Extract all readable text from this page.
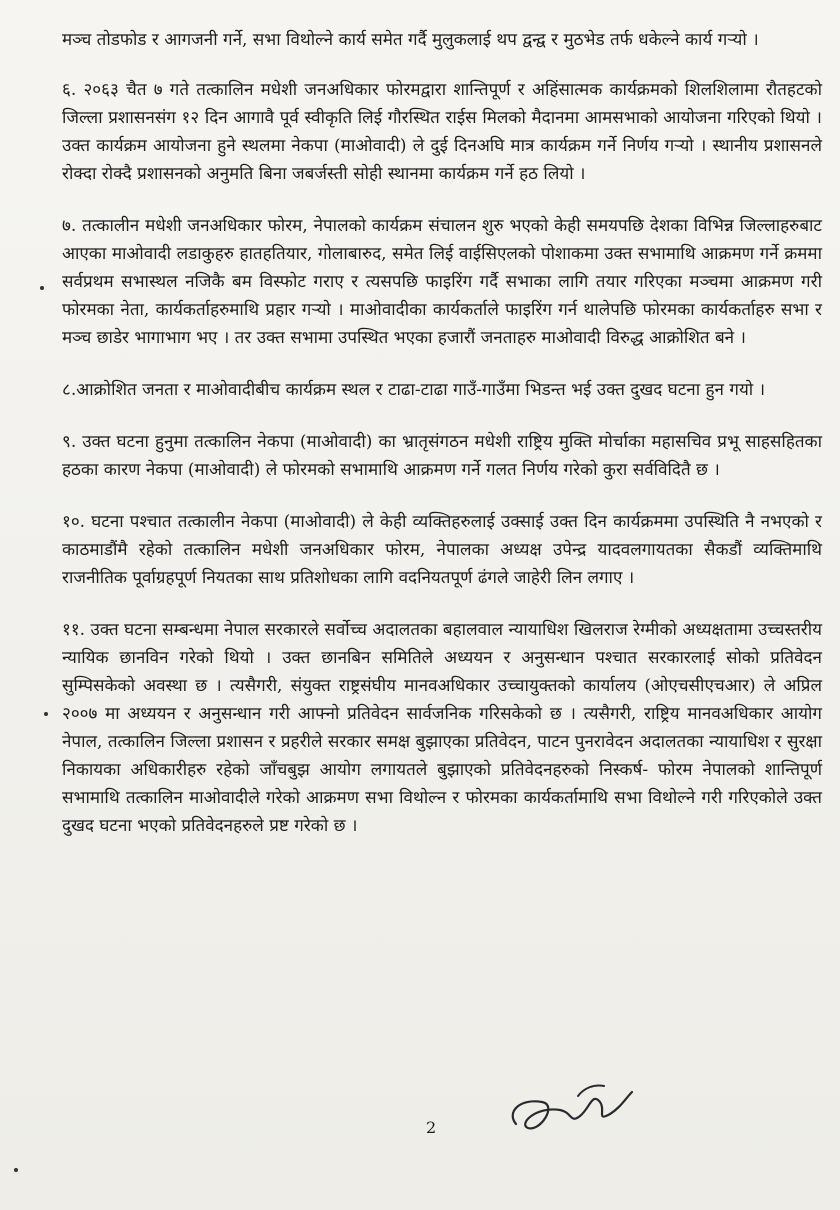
मञ्च तोडफोड र आगजनी गर्ने, सभा विथोल्ने कार्य समेत गर्दै मुलुकलाई थप द्वन्द्व र मुठभेड तर्फ धकेल्ने कार्य गर्‍यो ।

६. २०६३ चैत ७ गते तत्कालिन मधेशी जनअधिकार फोरमद्वारा शान्तिपूर्ण र अहिंसात्मक कार्यक्रमको शिलशिलामा रौतहटको जिल्ला प्रशासनसंग १२ दिन आगावै पूर्व स्वीकृति लिई गौरस्थित राईस मिलको मैदानमा आमसभाको आयोजना गरिएको थियो । उक्त कार्यक्रम आयोजना हुने स्थलमा नेकपा (माओवादी) ले दुई दिनअघि मात्र कार्यक्रम गर्ने निर्णय गर्‍यो । स्थानीय प्रशासनले रोक्दा रोक्दै प्रशासनको अनुमति बिना जबर्जस्ती सोही स्थानमा कार्यक्रम गर्ने हठ लियो ।

७. तत्कालीन मधेशी जनअधिकार फोरम, नेपालको कार्यक्रम संचालन शुरु भएको केही समयपछि देशका विभिन्न जिल्लाहरुबाट आएका माओवादी लडाकुहरु हातहतियार, गोलाबारुद, समेत लिई वाईसिएलको पोशाकमा उक्त सभामाथि आक्रमण गर्ने क्रममा सर्वप्रथम सभास्थल नजिकै बम विस्फोट गराए र त्यसपछि फाइरिंग गर्दै सभाका लागि तयार गरिएका मञ्चमा आक्रमण गरी फोरमका नेता, कार्यकर्ताहरुमाथि प्रहार गर्‍यो । माओवादीका कार्यकर्ताले फाइरिंग गर्न थालेपछि फोरमका कार्यकर्ताहरु सभा र मञ्च छाडेर भागाभाग भए । तर उक्त सभामा उपस्थित भएका हजारौं जनताहरु माओवादी विरुद्ध आक्रोशित बने ।

८.आक्रोशित जनता र माओवादीबीच कार्यक्रम स्थल र टाढा-टाढा गाउँ-गाउँमा भिडन्त भई उक्त दुखद घटना हुन गयो ।

९. उक्त घटना हुनुमा तत्कालिन नेकपा (माओवादी) का भ्रातृसंगठन मधेशी राष्ट्रिय मुक्ति मोर्चाका महासचिव प्रभू साहसहितका हठका कारण नेकपा (माओवादी) ले फोरमको सभामाथि आक्रमण गर्ने गलत निर्णय गरेको कुरा सर्वविदितै छ ।

१०. घटना पश्चात तत्कालीन नेकपा (माओवादी) ले केही व्यक्तिहरुलाई उक्साई उक्त दिन कार्यक्रममा उपस्थिति नै नभएको र काठमाडौंमै रहेको तत्कालिन मधेशी जनअधिकार फोरम, नेपालका अध्यक्ष उपेन्द्र यादवलगायतका सैकडौं व्यक्तिमाथि राजनीतिक पूर्वाग्रहपूर्ण नियतका साथ प्रतिशोधका लागि वदनियतपूर्ण ढंगले जाहेरी लिन लगाए ।

११. उक्त घटना सम्बन्धमा नेपाल सरकारले सर्वोच्च अदालतका बहालवाल न्यायाधिश खिलराज रेग्मीको अध्यक्षतामा उच्चस्तरीय न्यायिक छानविन गरेको थियो । उक्त छानबिन समितिले अध्ययन र अनुसन्धान पश्चात सरकारलाई सोको प्रतिवेदन सुम्पिसकेको अवस्था छ । त्यसैगरी, संयुक्त राष्ट्रसंघीय मानवअधिकार उच्चायुक्तको कार्यालय (ओएचसीएचआर) ले अप्रिल २००७ मा अध्ययन र अनुसन्धान गरी आफ्नो प्रतिवेदन सार्वजनिक गरिसकेको छ । त्यसैगरी, राष्ट्रिय मानवअधिकार आयोग नेपाल, तत्कालिन जिल्ला प्रशासन र प्रहरीले सरकार समक्ष बुझाएका प्रतिवेदन, पाटन पुनरावेदन अदालतका न्यायाधिश र सुरक्षा निकायका अधिकारीहरु रहेको जाँचबुझ आयोग लगायतले बुझाएको प्रतिवेदनहरुको निस्कर्ष- फोरम नेपालको शान्तिपूर्ण सभामाथि तत्कालिन माओवादीले गरेको आक्रमण सभा विथोल्न र फोरमका कार्यकर्तामाथि सभा विथोल्ने गरी गरिएकोले उक्त दुखद घटना भएको प्रतिवेदनहरुले प्रष्ट गरेको छ ।

2
